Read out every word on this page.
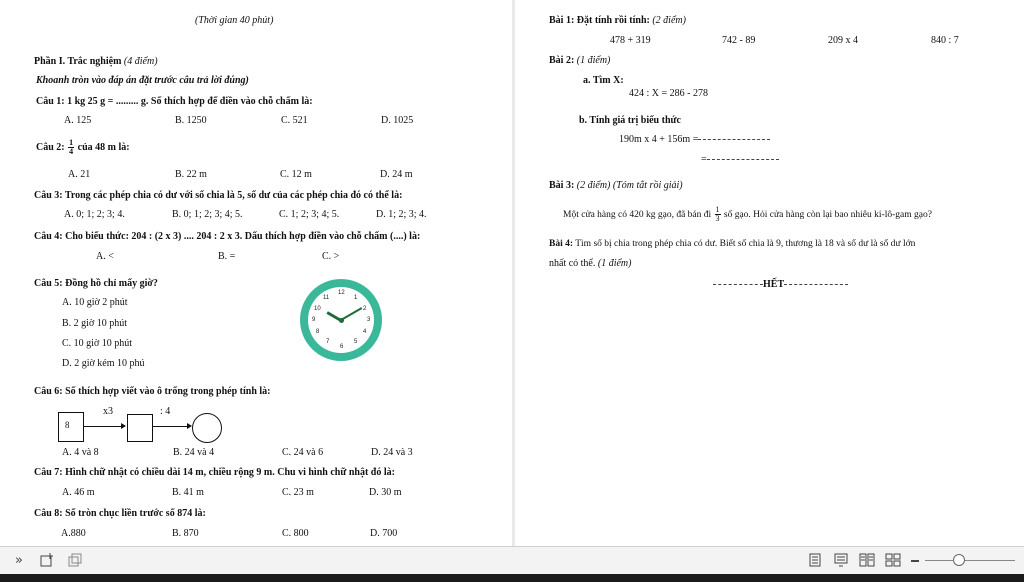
(Thời gian 40 phút)
Phần I. Trắc nghiệm (4 điểm)
Khoanh tròn vào đáp án đặt trước câu trả lời đúng)
Câu 1: 1 kg 25 g = ......... g. Số thích hợp để điền vào chỗ chấm là:
A. 125	B. 1250	C. 521	D. 1025
Câu 2: $\frac{1}{4}$ của 48 m là:
A. 21	B. 22 m	C. 12 m	D. 24 m
Câu 3: Trong các phép chia có dư với số chia là 5, số dư của các phép chia đó có thể là:
A. 0; 1; 2; 3; 4.	B. 0; 1; 2; 3; 4; 5.	C. 1; 2; 3; 4; 5.	D. 1; 2; 3; 4.
Câu 4: Cho biểu thức: 204 : (2 x 3) .... 204 : 2 x 3. Dấu thích hợp điền vào chỗ chấm (....) là:
A. <	B. =	C. >
Câu 5: Đồng hồ chỉ mấy giờ?
A. 10 giờ 2 phút
B. 2 giờ 10 phút
C. 10 giờ 10 phút
D. 2 giờ kém 10 phú
12
1
2
3
4
5
6
7
8
9
10
11
Câu 6: Số thích hợp viết vào ô trống trong phép tính là:
8
x3	: 4
A. 4 và 8	B. 24 và 4	C. 24 và 6	D. 24 và 3
Câu 7: Hình chữ nhật có chiều dài 14 m, chiều rộng 9 m. Chu vi hình chữ nhật đó là:
A. 46 m	B. 41 m	C. 23 m	D. 30 m
Câu 8: Số tròn chục liền trước số 874 là:
A.880	B. 870	C. 800	D. 700
Bài 1: Đặt tính rồi tính: (2 điểm)
478 + 319	742 - 89	209 x 4	840 : 7
Bài 2: (1 điểm)
a. Tìm X:
424 : X = 286 - 278
b. Tính giá trị biểu thức
190m x 4 + 156m =
=
Bài 3: (2 điểm) (Tóm tắt rồi giải)
Một cửa hàng có 420 kg gạo, đã bán đi $\frac{1}{3}$ số gạo. Hỏi cửa hàng còn lại bao nhiêu ki-lô-gam gạo?
Bài 4: Tìm số bị chia trong phép chia có dư. Biết số chia là 9, thương là 18 và số dư là số dư lớn
nhất có thể. (1 điểm)
HẾT
»
